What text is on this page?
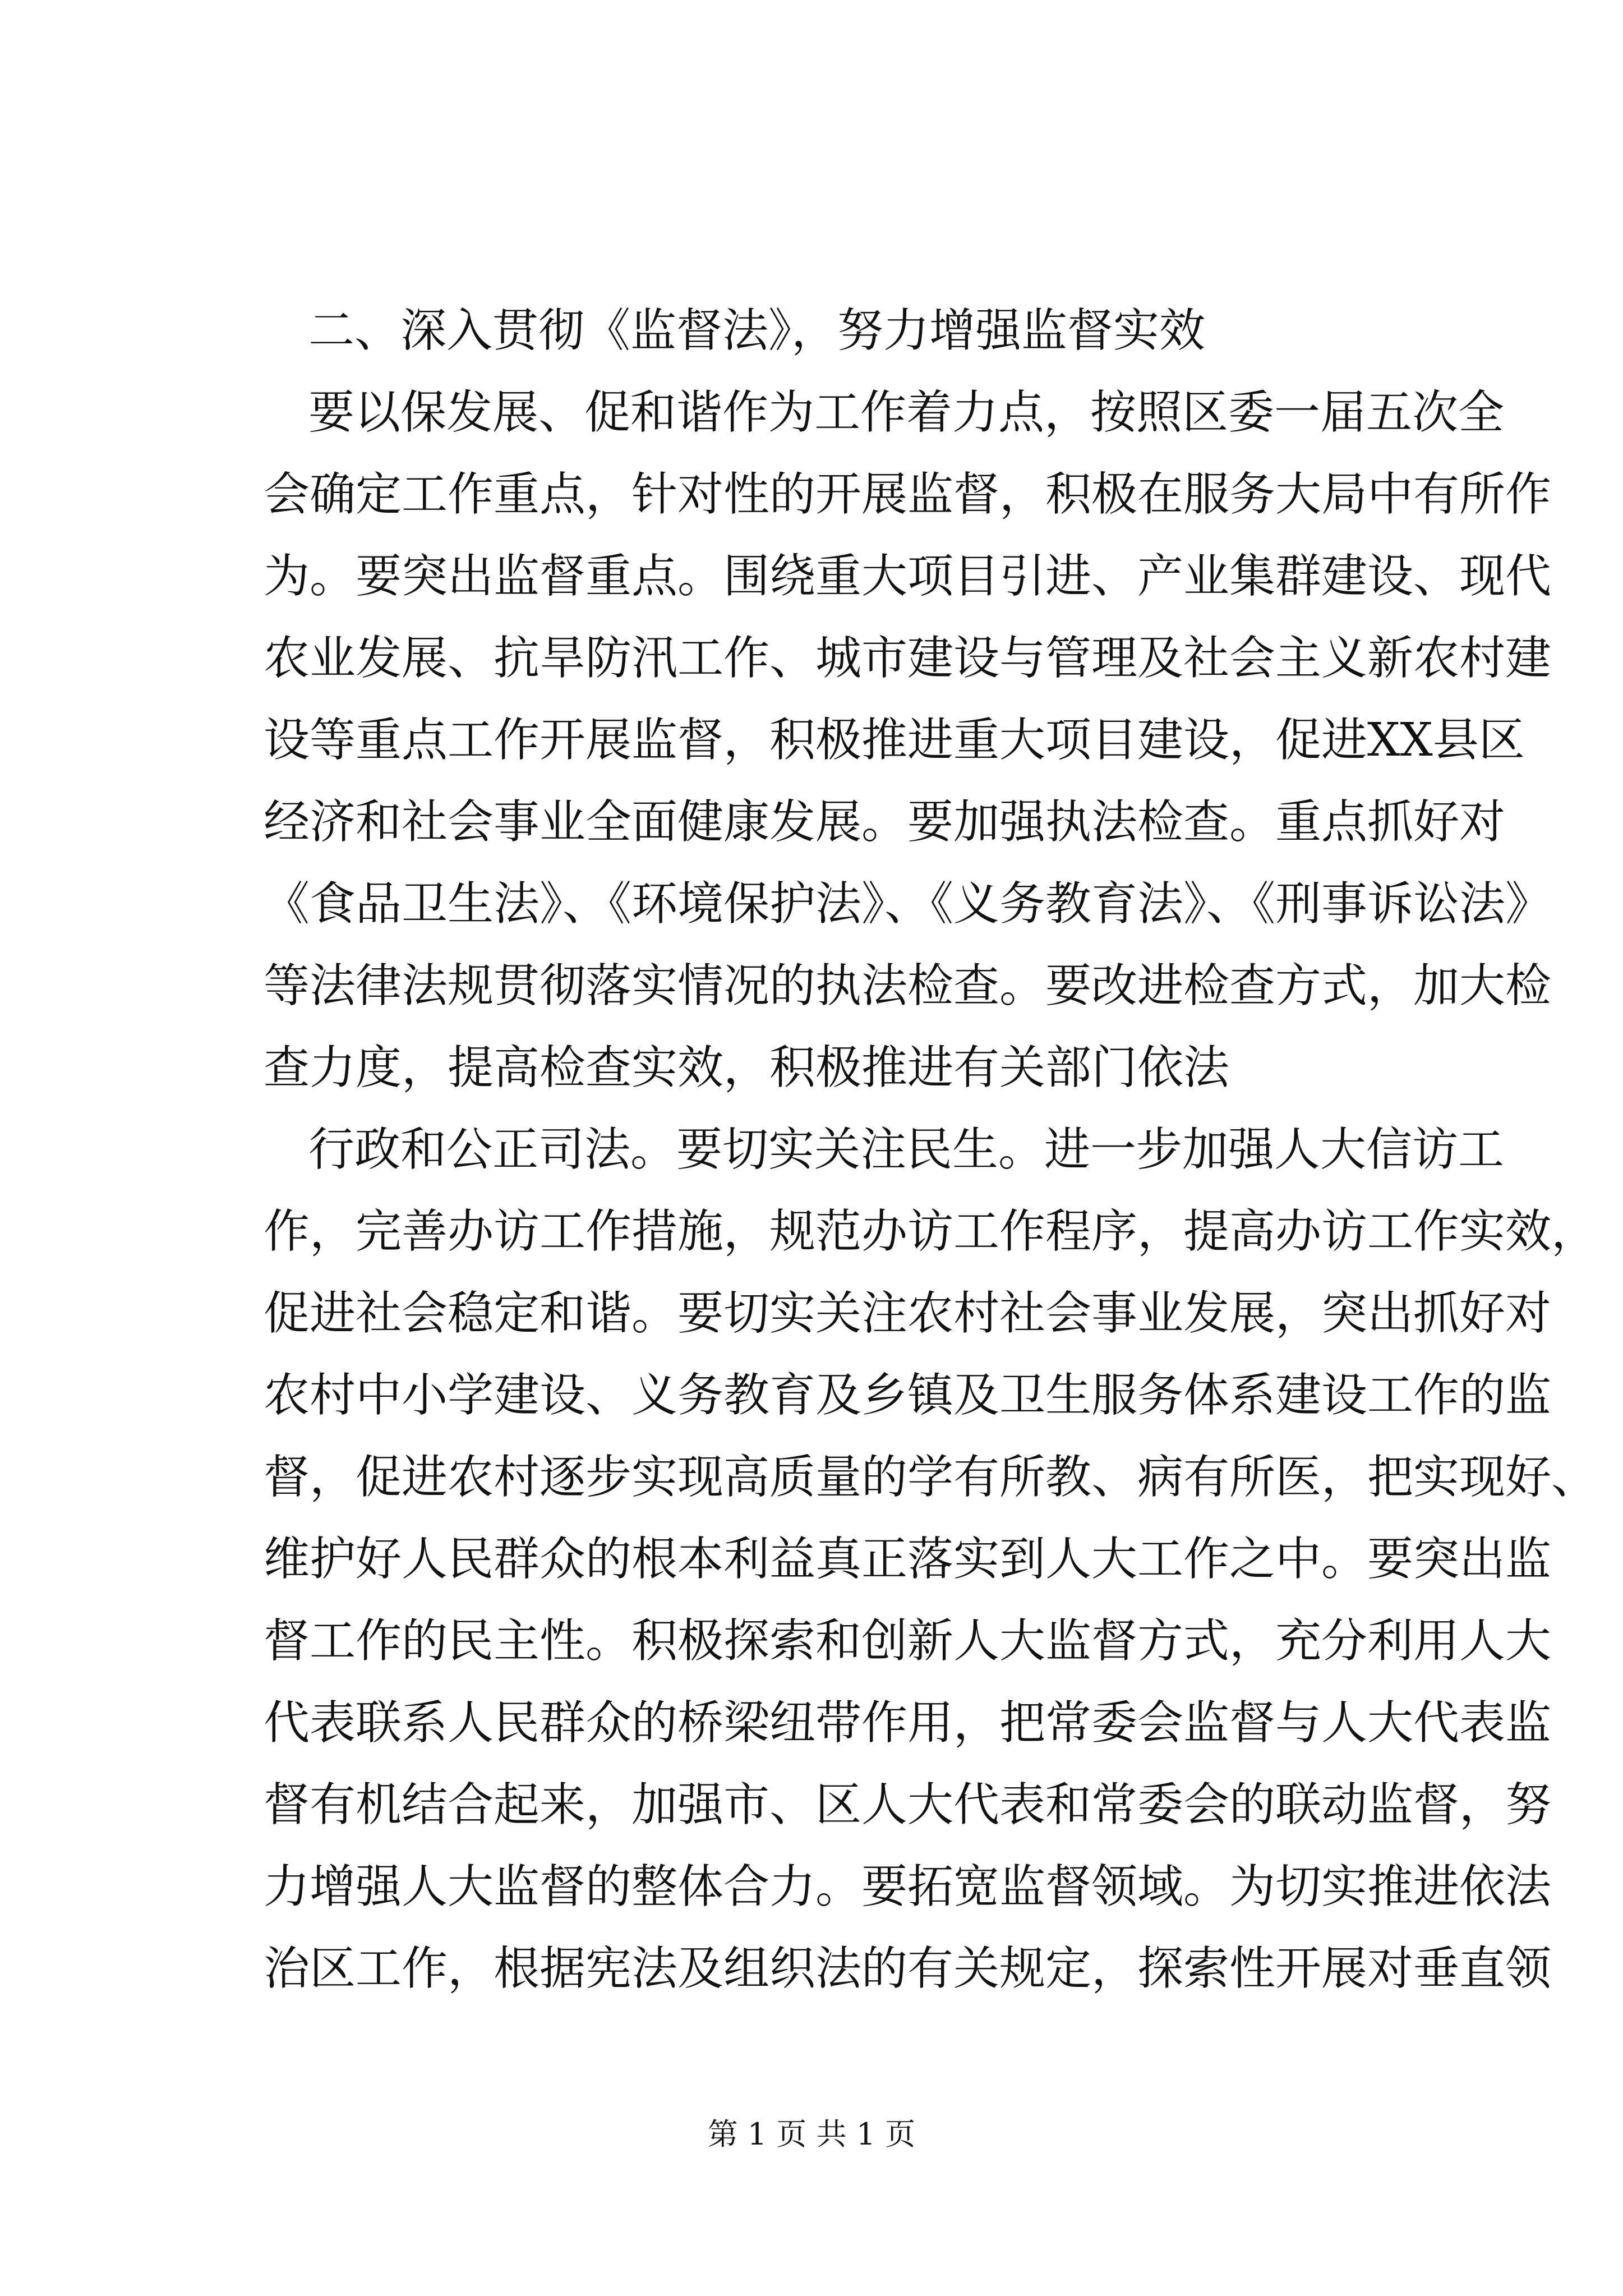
二、深入贯彻《监督法》，努力增强监督实效
要以保发展、促和谐作为工作着力点，按照区委一届五次全
会确定工作重点，针对性的开展监督，积极在服务大局中有所作
为。要突出监督重点。围绕重大项目引进、产业集群建设、现代
农业发展、抗旱防汛工作、城市建设与管理及社会主义新农村建
设等重点工作开展监督，积极推进重大项目建设，促进XX县区
经济和社会事业全面健康发展。要加强执法检查。重点抓好对
《食品卫生法》、《环境保护法》、《义务教育法》、《刑事诉讼法》
等法律法规贯彻落实情况的执法检查。要改进检查方式，加大检
查力度，提高检查实效，积极推进有关部门依法
行政和公正司法。要切实关注民生。进一步加强人大信访工
作，完善办访工作措施，规范办访工作程序，提高办访工作实效，
促进社会稳定和谐。要切实关注农村社会事业发展，突出抓好对
农村中小学建设、义务教育及乡镇及卫生服务体系建设工作的监
督，促进农村逐步实现高质量的学有所教、病有所医，把实现好、
维护好人民群众的根本利益真正落实到人大工作之中。要突出监
督工作的民主性。积极探索和创新人大监督方式，充分利用人大
代表联系人民群众的桥梁纽带作用，把常委会监督与人大代表监
督有机结合起来，加强市、区人大代表和常委会的联动监督，努
力增强人大监督的整体合力。要拓宽监督领域。为切实推进依法
治区工作，根据宪法及组织法的有关规定，探索性开展对垂直领
第 1 页 共 1 页
